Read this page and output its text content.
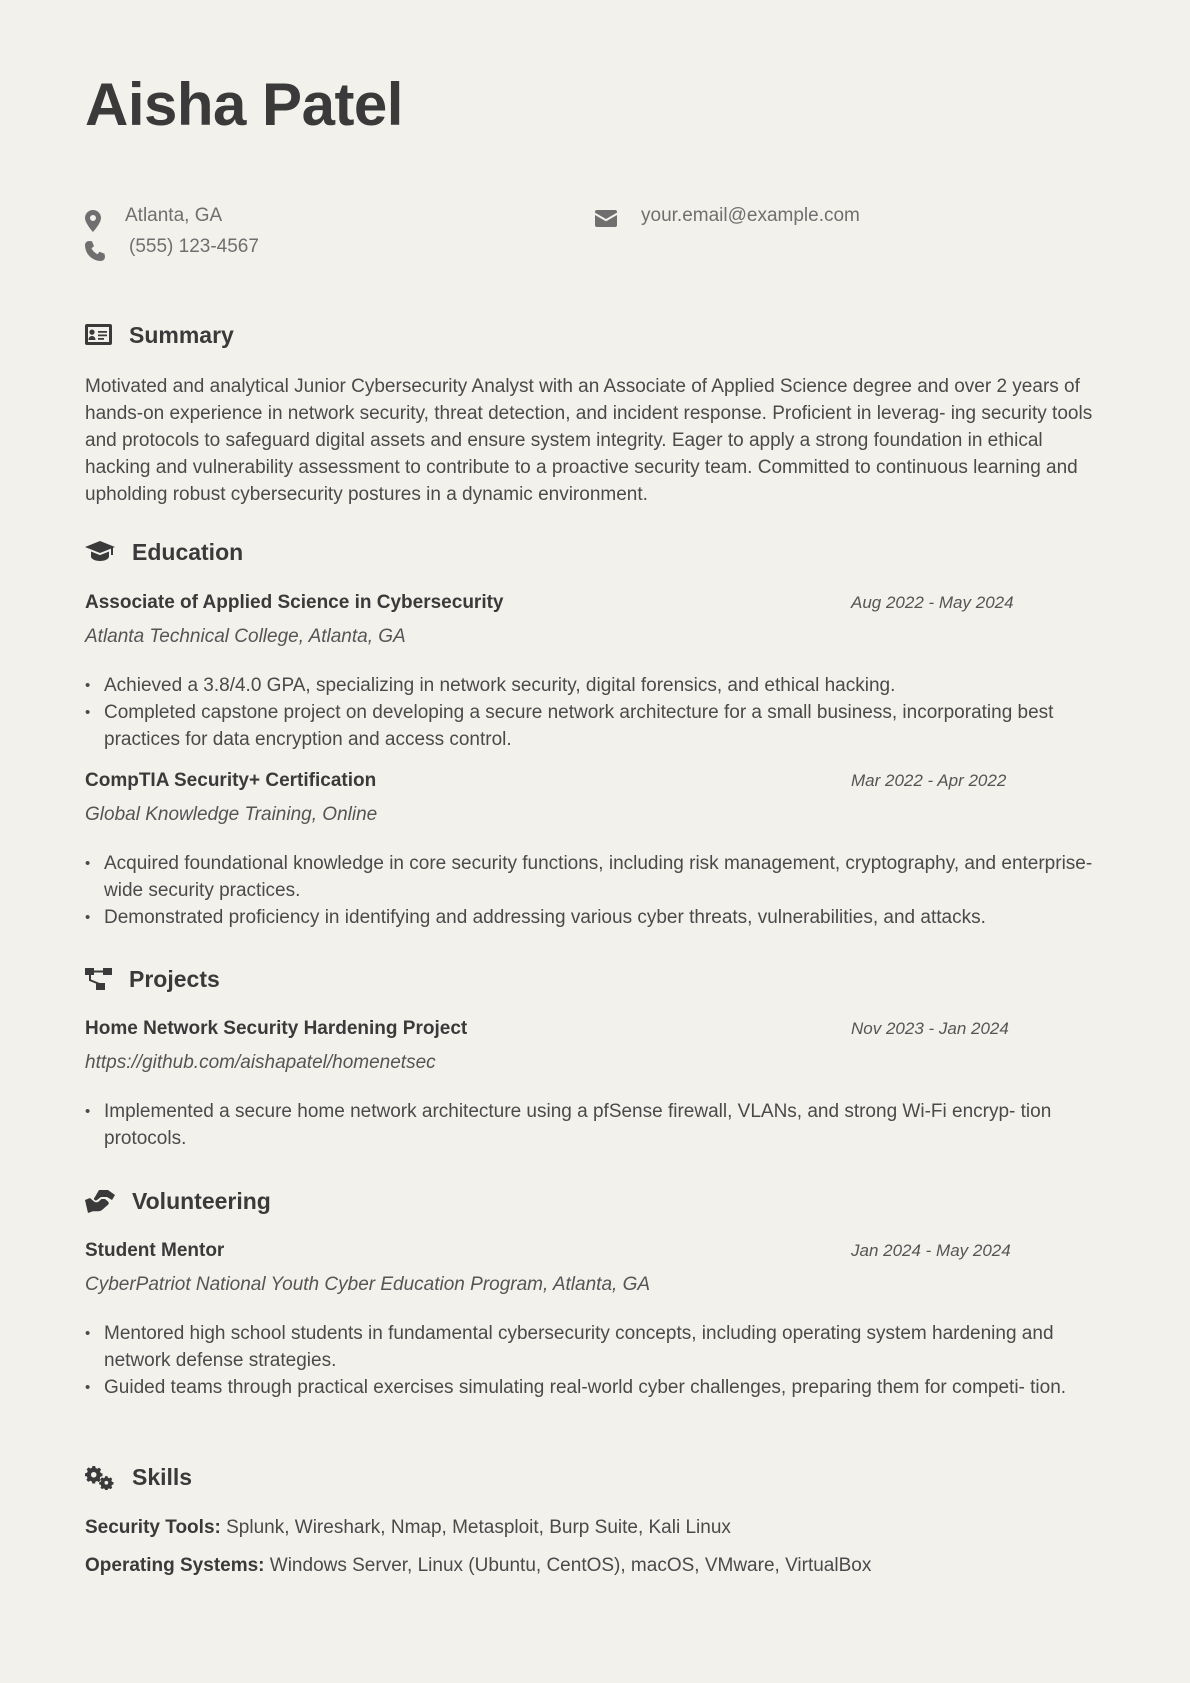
Aisha Patel
Atlanta, GA	your.email@example.com
(555) 123-4567
Summary

Motivated and analytical Junior Cybersecurity Analyst with an Associate of Applied Science degree and over 2 years of hands-on experience in network security, threat detection, and incident response. Proficient in leverag- ing security tools and protocols to safeguard digital assets and ensure system integrity. Eager to apply a strong foundation in ethical hacking and vulnerability assessment to contribute to a proactive security team. Committed to continuous learning and upholding robust cybersecurity postures in a dynamic environment.

Education
Associate of Applied Science in Cybersecurity	Aug 2022 - May 2024
Atlanta Technical College, Atlanta, GA
• Achieved a 3.8/4.0 GPA, specializing in network security, digital forensics, and ethical hacking.
• Completed capstone project on developing a secure network architecture for a small business, incorporating best practices for data encryption and access control.
CompTIA Security+ Certification	Mar 2022 - Apr 2022
Global Knowledge Training, Online
• Acquired foundational knowledge in core security functions, including risk management, cryptography, and enterprise-wide security practices.
• Demonstrated proficiency in identifying and addressing various cyber threats, vulnerabilities, and attacks.
Projects
Home Network Security Hardening Project	Nov 2023 - Jan 2024
https://github.com/aishapatel/homenetsec
• Implemented a secure home network architecture using a pfSense firewall, VLANs, and strong Wi-Fi encryp- tion protocols.
Volunteering
Student Mentor	Jan 2024 - May 2024
CyberPatriot National Youth Cyber Education Program, Atlanta, GA
• Mentored high school students in fundamental cybersecurity concepts, including operating system hardening and network defense strategies.
• Guided teams through practical exercises simulating real-world cyber challenges, preparing them for competi- tion.
Skills
Security Tools: Splunk, Wireshark, Nmap, Metasploit, Burp Suite, Kali Linux
Operating Systems: Windows Server, Linux (Ubuntu, CentOS), macOS, VMware, VirtualBox
